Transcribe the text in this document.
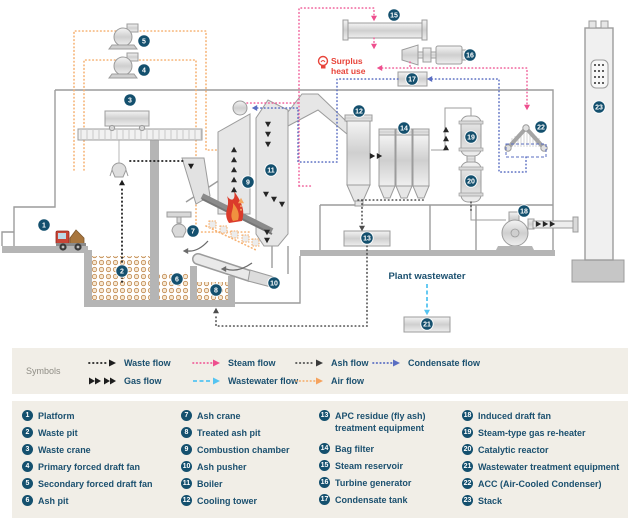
Surplus
heat use
Plant wastewater
1
2
3
4
5
6
7
8
9
10
11
12
13
14
15
16
17
18
19
20
21
22
23
Symbols
Waste flow	Steam flow	Ash flow	Condensate flow
Gas flow	Wastewater flow	Air flow
1 Platform
2 Waste pit
3 Waste crane
4 Primary forced draft fan
5 Secondary forced draft fan
6 Ash pit
7 Ash crane
8 Treated ash pit
9 Combustion chamber
10 Ash pusher
11 Boiler
12 Cooling tower
13 APC residue (fly ash) treatment equipment
14 Bag filter
15 Steam reservoir
16 Turbine generator
17 Condensate tank
18 Induced draft fan
19 Steam-type gas re-heater
20 Catalytic reactor
21 Wastewater treatment equipment
22 ACC (Air-Cooled Condenser)
23 Stack
